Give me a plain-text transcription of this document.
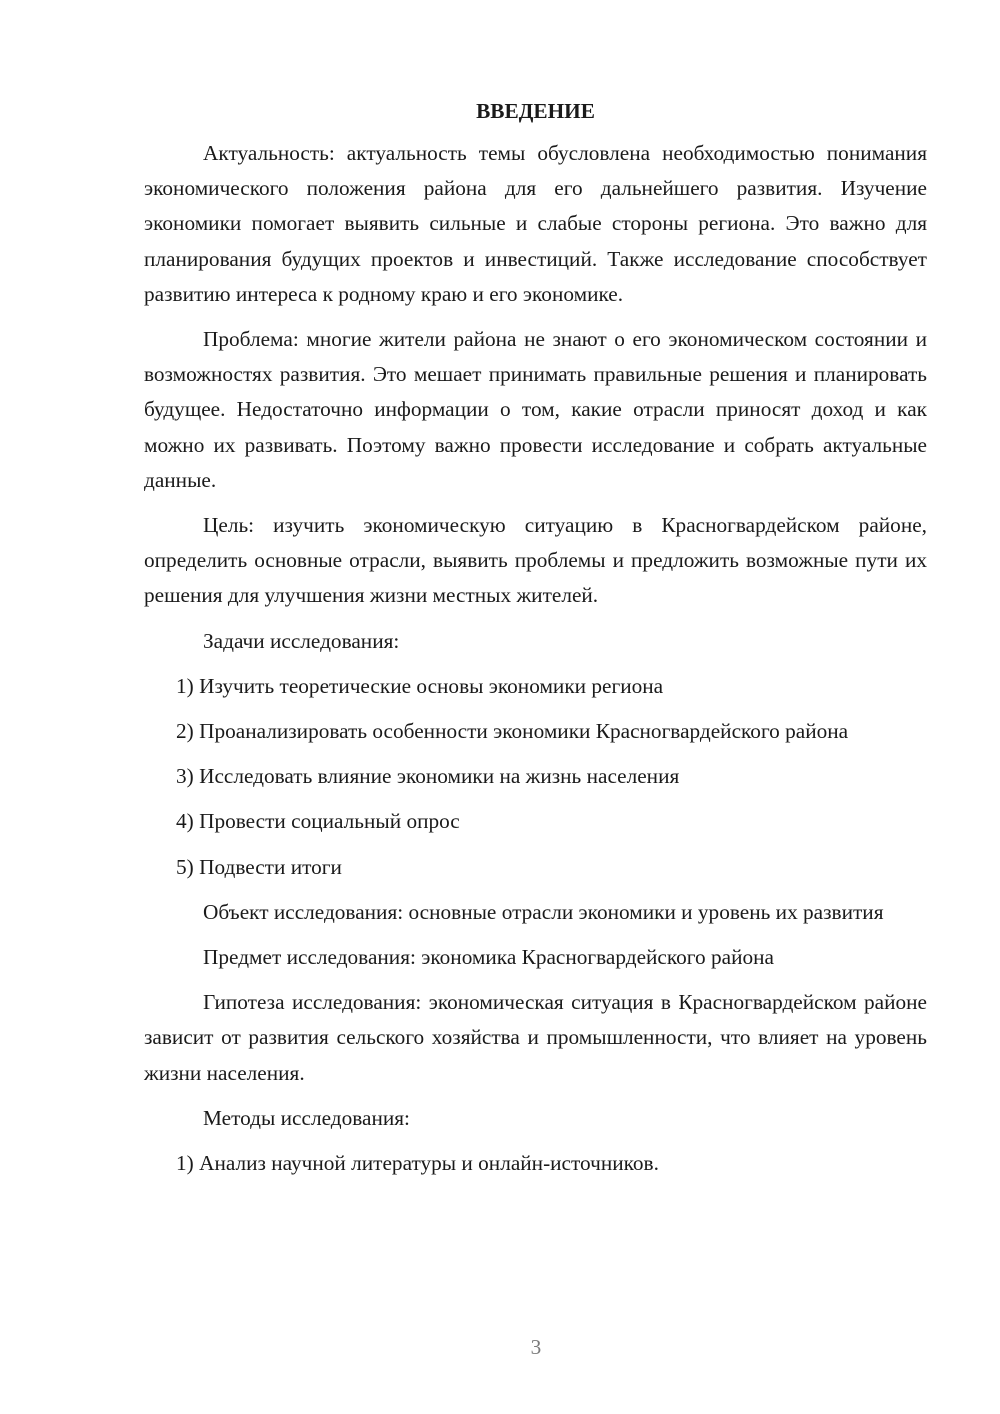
ВВЕДЕНИЕ

Актуальность: актуальность темы обусловлена необходимостью понимания экономического положения района для его дальнейшего развития. Изучение экономики помогает выявить сильные и слабые стороны региона. Это важно для планирования будущих проектов и инвестиций. Также исследование способствует развитию интереса к родному краю и его экономике.

Проблема: многие жители района не знают о его экономическом состоянии и возможностях развития. Это мешает принимать правильные решения и планировать будущее. Недостаточно информации о том, какие отрасли приносят доход и как можно их развивать. Поэтому важно провести исследование и собрать актуальные данные.

Цель: изучить экономическую ситуацию в Красногвардейском районе, определить основные отрасли, выявить проблемы и предложить возможные пути их решения для улучшения жизни местных жителей.

Задачи исследования:

1) Изучить теоретические основы экономики региона

2) Проанализировать особенности экономики Красногвардейского района

3) Исследовать влияние экономики на жизнь населения

4) Провести социальный опрос

5) Подвести итоги

Объект исследования: основные отрасли экономики и уровень их развития

Предмет исследования: экономика Красногвардейского района

Гипотеза исследования: экономическая ситуация в Красногвардейском районе зависит от развития сельского хозяйства и промышленности, что влияет на уровень жизни населения.

Методы исследования:

1) Анализ научной литературы и онлайн-источников.

3
